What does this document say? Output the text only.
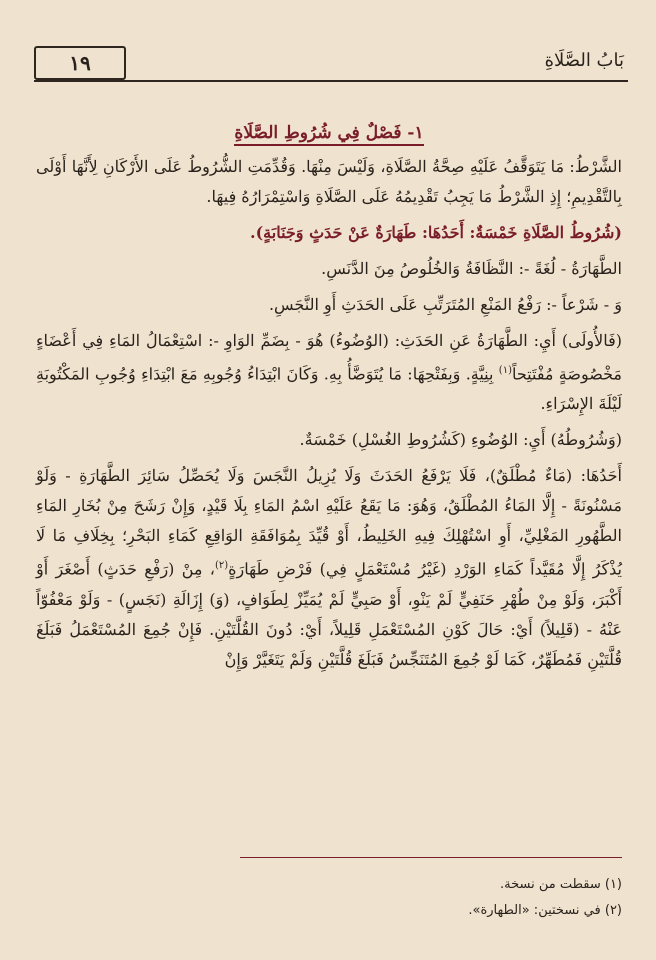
١٩	بَابُ الصَّلَاةِ
١- فَصْلٌ فِي شُرُوطِ الصَّلَاةِ

الشَّرْطُ: مَا يَتَوَقَّفُ عَلَيْهِ صِحَّةُ الصَّلَاةِ، وَلَيْسَ مِنْهَا. وَقُدِّمَتِ الشُّرُوطُ عَلَى الأَرْكَانِ لِأَنَّهَا أَوْلَى بِالتَّقْدِيمِ؛ إِذِ الشَّرْطُ مَا يَجِبُ تَقْدِيمُهُ عَلَى الصَّلَاةِ وَاسْتِمْرَارُهُ فِيهَا.

(شُرُوطُ الصَّلَاةِ خَمْسَةٌ: أَحَدُهَا: طَهَارَةٌ عَنْ حَدَثٍ وَجَنَابَةٍ).

الطَّهَارَةُ - لُغَةً -: النَّظَافَةُ وَالخُلُوصُ مِنَ الدَّنَسِ.

وَ - شَرْعاً -: رَفْعُ المَنْعِ المُتَرَتِّبِ عَلَى الحَدَثِ أَوِ النَّجَسِ.

(فَالأُولَى) أَيِ: الطَّهَارَةُ عَنِ الحَدَثِ: (الوُضُوءُ) هُوَ - بِضَمِّ الوَاوِ -: اسْتِعْمَالُ المَاءِ فِي أَعْضَاءٍ مَخْصُوصَةٍ مُفْتَتِحاً$^{(١)}$ بِنِيَّةٍ. وَبِفَتْحِهَا: مَا يُتَوَضَّأُ بِهِ. وَكَانَ ابْتِدَاءُ وُجُوبِهِ مَعَ ابْتِدَاءِ وُجُوبِ المَكْتُوبَةِ لَيْلَةَ الإِسْرَاءِ.

(وَشُرُوطُهُ) أَيِ: الوُضُوءِ (كَشُرُوطِ الغُسْلِ) خَمْسَةٌ.

أَحَدُهَا: (مَاءٌ مُطْلَقٌ)، فَلَا يَرْفَعُ الحَدَثَ وَلَا يُزِيلُ النَّجَسَ وَلَا يُحَصِّلُ سَائِرَ الطَّهَارَةِ - وَلَوْ مَسْنُونَةً - إِلَّا المَاءُ المُطْلَقُ، وَهُوَ: مَا يَقَعُ عَلَيْهِ اسْمُ المَاءِ بِلَا قَيْدٍ، وَإِنْ رَشَحَ مِنْ بُخَارِ المَاءِ الطَّهُورِ المَغْلِيِّ، أَوِ اسْتُهْلِكَ فِيهِ الخَلِيطُ، أَوْ قُيِّدَ بِمُوَافَقَةِ الوَاقِعِ كَمَاءِ البَحْرِ؛ بِخِلَافِ مَا لَا يُذْكَرُ إِلَّا مُقَيَّداً كَمَاءِ الوَرْدِ (غَيْرُ مُسْتَعْمَلٍ فِي) فَرْضِ طَهَارَةٍ$^{(٢)}$، مِنْ (رَفْعِ حَدَثٍ) أَصْغَرَ أَوْ أَكْبَرَ، وَلَوْ مِنْ طُهْرِ حَنَفِيٍّ لَمْ يَنْوِ، أَوْ صَبِيٍّ لَمْ يُمَيِّزْ لِطَوَافٍ، (وَ) إِزَالَةِ (نَجَسٍ) - وَلَوْ مَعْفُوّاً عَنْهُ - (قَلِيلاً) أَيْ: حَالَ كَوْنِ المُسْتَعْمَلِ قَلِيلاً، أَيْ: دُونَ القُلَّتَيْنِ. فَإِنْ جُمِعَ المُسْتَعْمَلُ فَبَلَغَ قُلَّتَيْنِ فَمُطَهِّرٌ، كَمَا لَوْ جُمِعَ المُتَنَجِّسُ فَبَلَغَ قُلَّتَيْنِ وَلَمْ يَتَغَيَّرْ وَإِنْ

(١) سقطت من نسخة.
(٢) في نسختين: «الطهارة».
